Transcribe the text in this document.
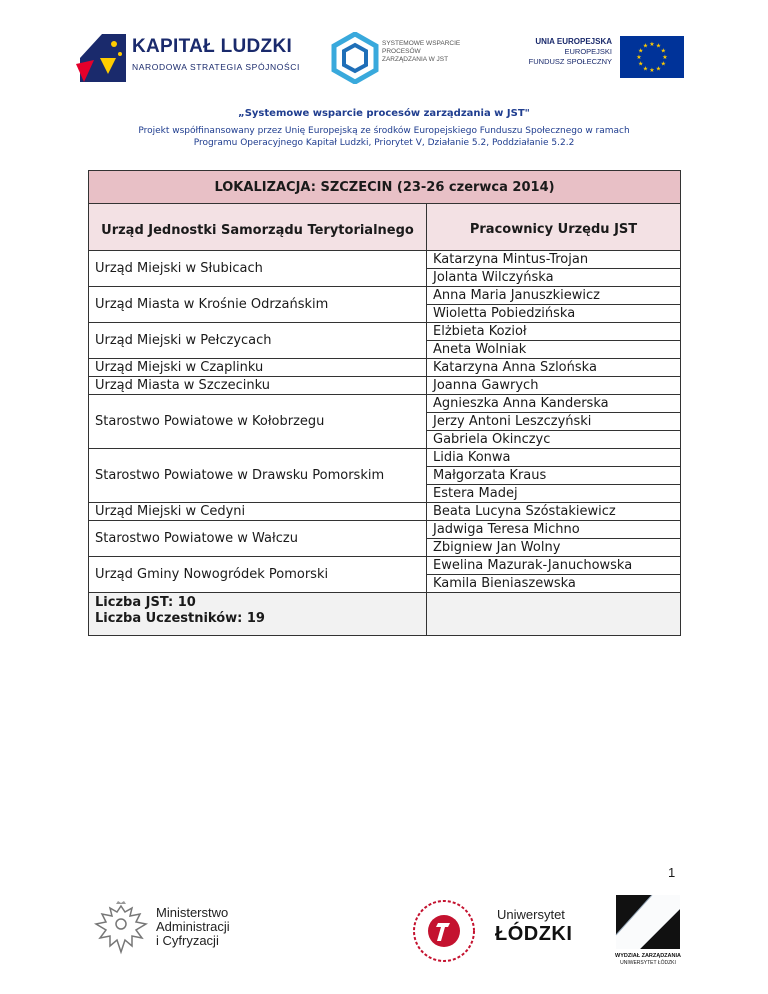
KAPITAŁ LUDZKI
NARODOWA STRATEGIA SPÓJNOŚCI
SYSTEMOWE WSPARCIE
PROCESÓW
ZARZĄDZANIA W JST
UNIA EUROPEJSKA
EUROPEJSKI
FUNDUSZ SPOŁECZNY
★ ★
★
★
★
★
★
★
★
★
★
★
„Systemowe wsparcie procesów zarządzania w JST"
Projekt współfinansowany przez Unię Europejską ze środków Europejskiego Funduszu Społecznego w ramach
Programu Operacyjnego Kapitał Ludzki, Priorytet V, Działanie 5.2, Poddziałanie 5.2.2
LOKALIZACJA: SZCZECIN (23-26 czerwca 2014)	
Urząd Jednostki Samorządu Terytorialnego	Pracownicy Urzędu JST
Urząd Miejski w Słubicach	Katarzyna Mintus-Trojan
	Jolanta Wilczyńska
Urząd Miasta w Krośnie Odrzańskim	Anna Maria Januszkiewicz
	Wioletta Pobiedzińska
Urząd Miejski w Pełczycach	Elżbieta Kozioł
	Aneta Wolniak
Urząd Miejski w Czaplinku	Katarzyna Anna Szlońska
Urząd Miasta w Szczecinku	Joanna Gawrych
Starostwo Powiatowe w Kołobrzegu	Agnieszka Anna Kanderska
	Jerzy Antoni Leszczyński
	Gabriela Okinczyc
Starostwo Powiatowe w Drawsku Pomorskim	Lidia Konwa
	Małgorzata Kraus
	Estera Madej
Urząd Miejski w Cedyni	Beata Lucyna Szóstakiewicz
Starostwo Powiatowe w Wałczu	Jadwiga Teresa Michno
	Zbigniew Jan Wolny
Urząd Gminy Nowogródek Pomorski	Ewelina Mazurak-Januchowska
	Kamila Bieniaszewska

Liczba JST: 10
Liczba Uczestników: 19	

1
Ministerstwo
Administracji
i Cyfryzacji
Uniwersytet
ŁÓDZKI
WYDZIAŁ ZARZĄDZANIA
UNIWERSYTET ŁÓDZKI
